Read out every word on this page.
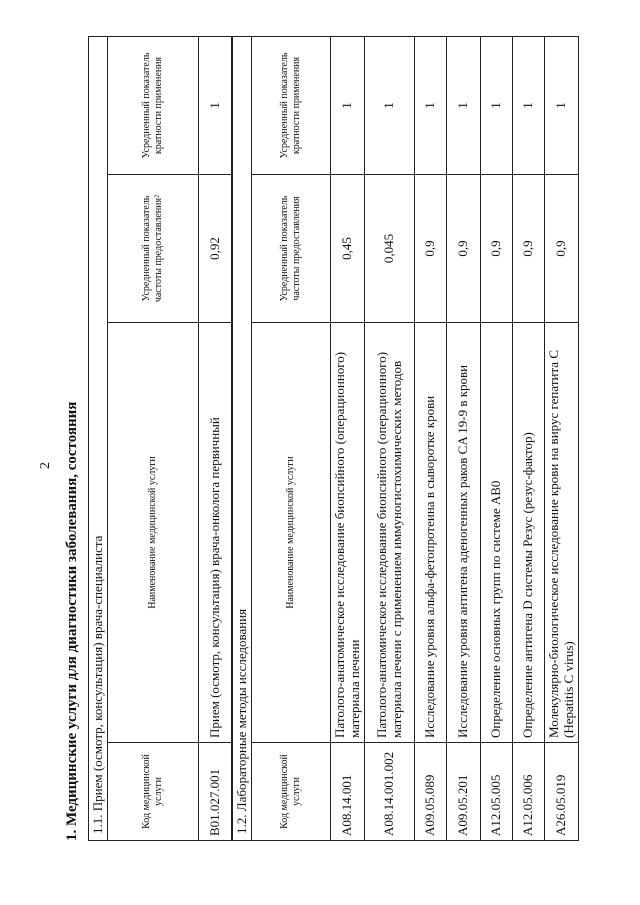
2 1. Медицинские услуги для диагностики заболевания, состояния 1.1. Прием (осмотр, консультация) врача-специалиста			
Код медицинской услуги	Наименование медицинской услуги	Усредненный показатель частоты предоставления²	Усредненный показатель кратности применения
B01.027.001	Прием (осмотр, консультация) врача-онколога первичный	0,92	1
1.2. Лабораторные методы исследования			
Код медицинской услуги	Наименование медицинской услуги	Усредненный показатель частоты предоставления	Усредненный показатель кратности применения
A08.14.001	Патолого-анатомическое исследование биопсийного (операционного) материала печени	0,45	1
A08.14.001.002	Патолого-анатомическое исследование биопсийного (операционного) материала печени с применением иммуногистохимических методов	0,045	1
A09.05.089	Исследование уровня альфа-фетопротеина в сыворотке крови	0,9	1
A09.05.201	Исследование уровня антигена аденогенных раков CA 19-9 в крови	0,9	1
A12.05.005	Определение основных групп по системе AB0	0,9	1
A12.05.006	Определение антигена D системы Резус (резус-фактор)	0,9	1
A26.05.019	Молекулярно-биологическое исследование крови на вирус гепатита C (Hepatitis C virus)	0,9	1
